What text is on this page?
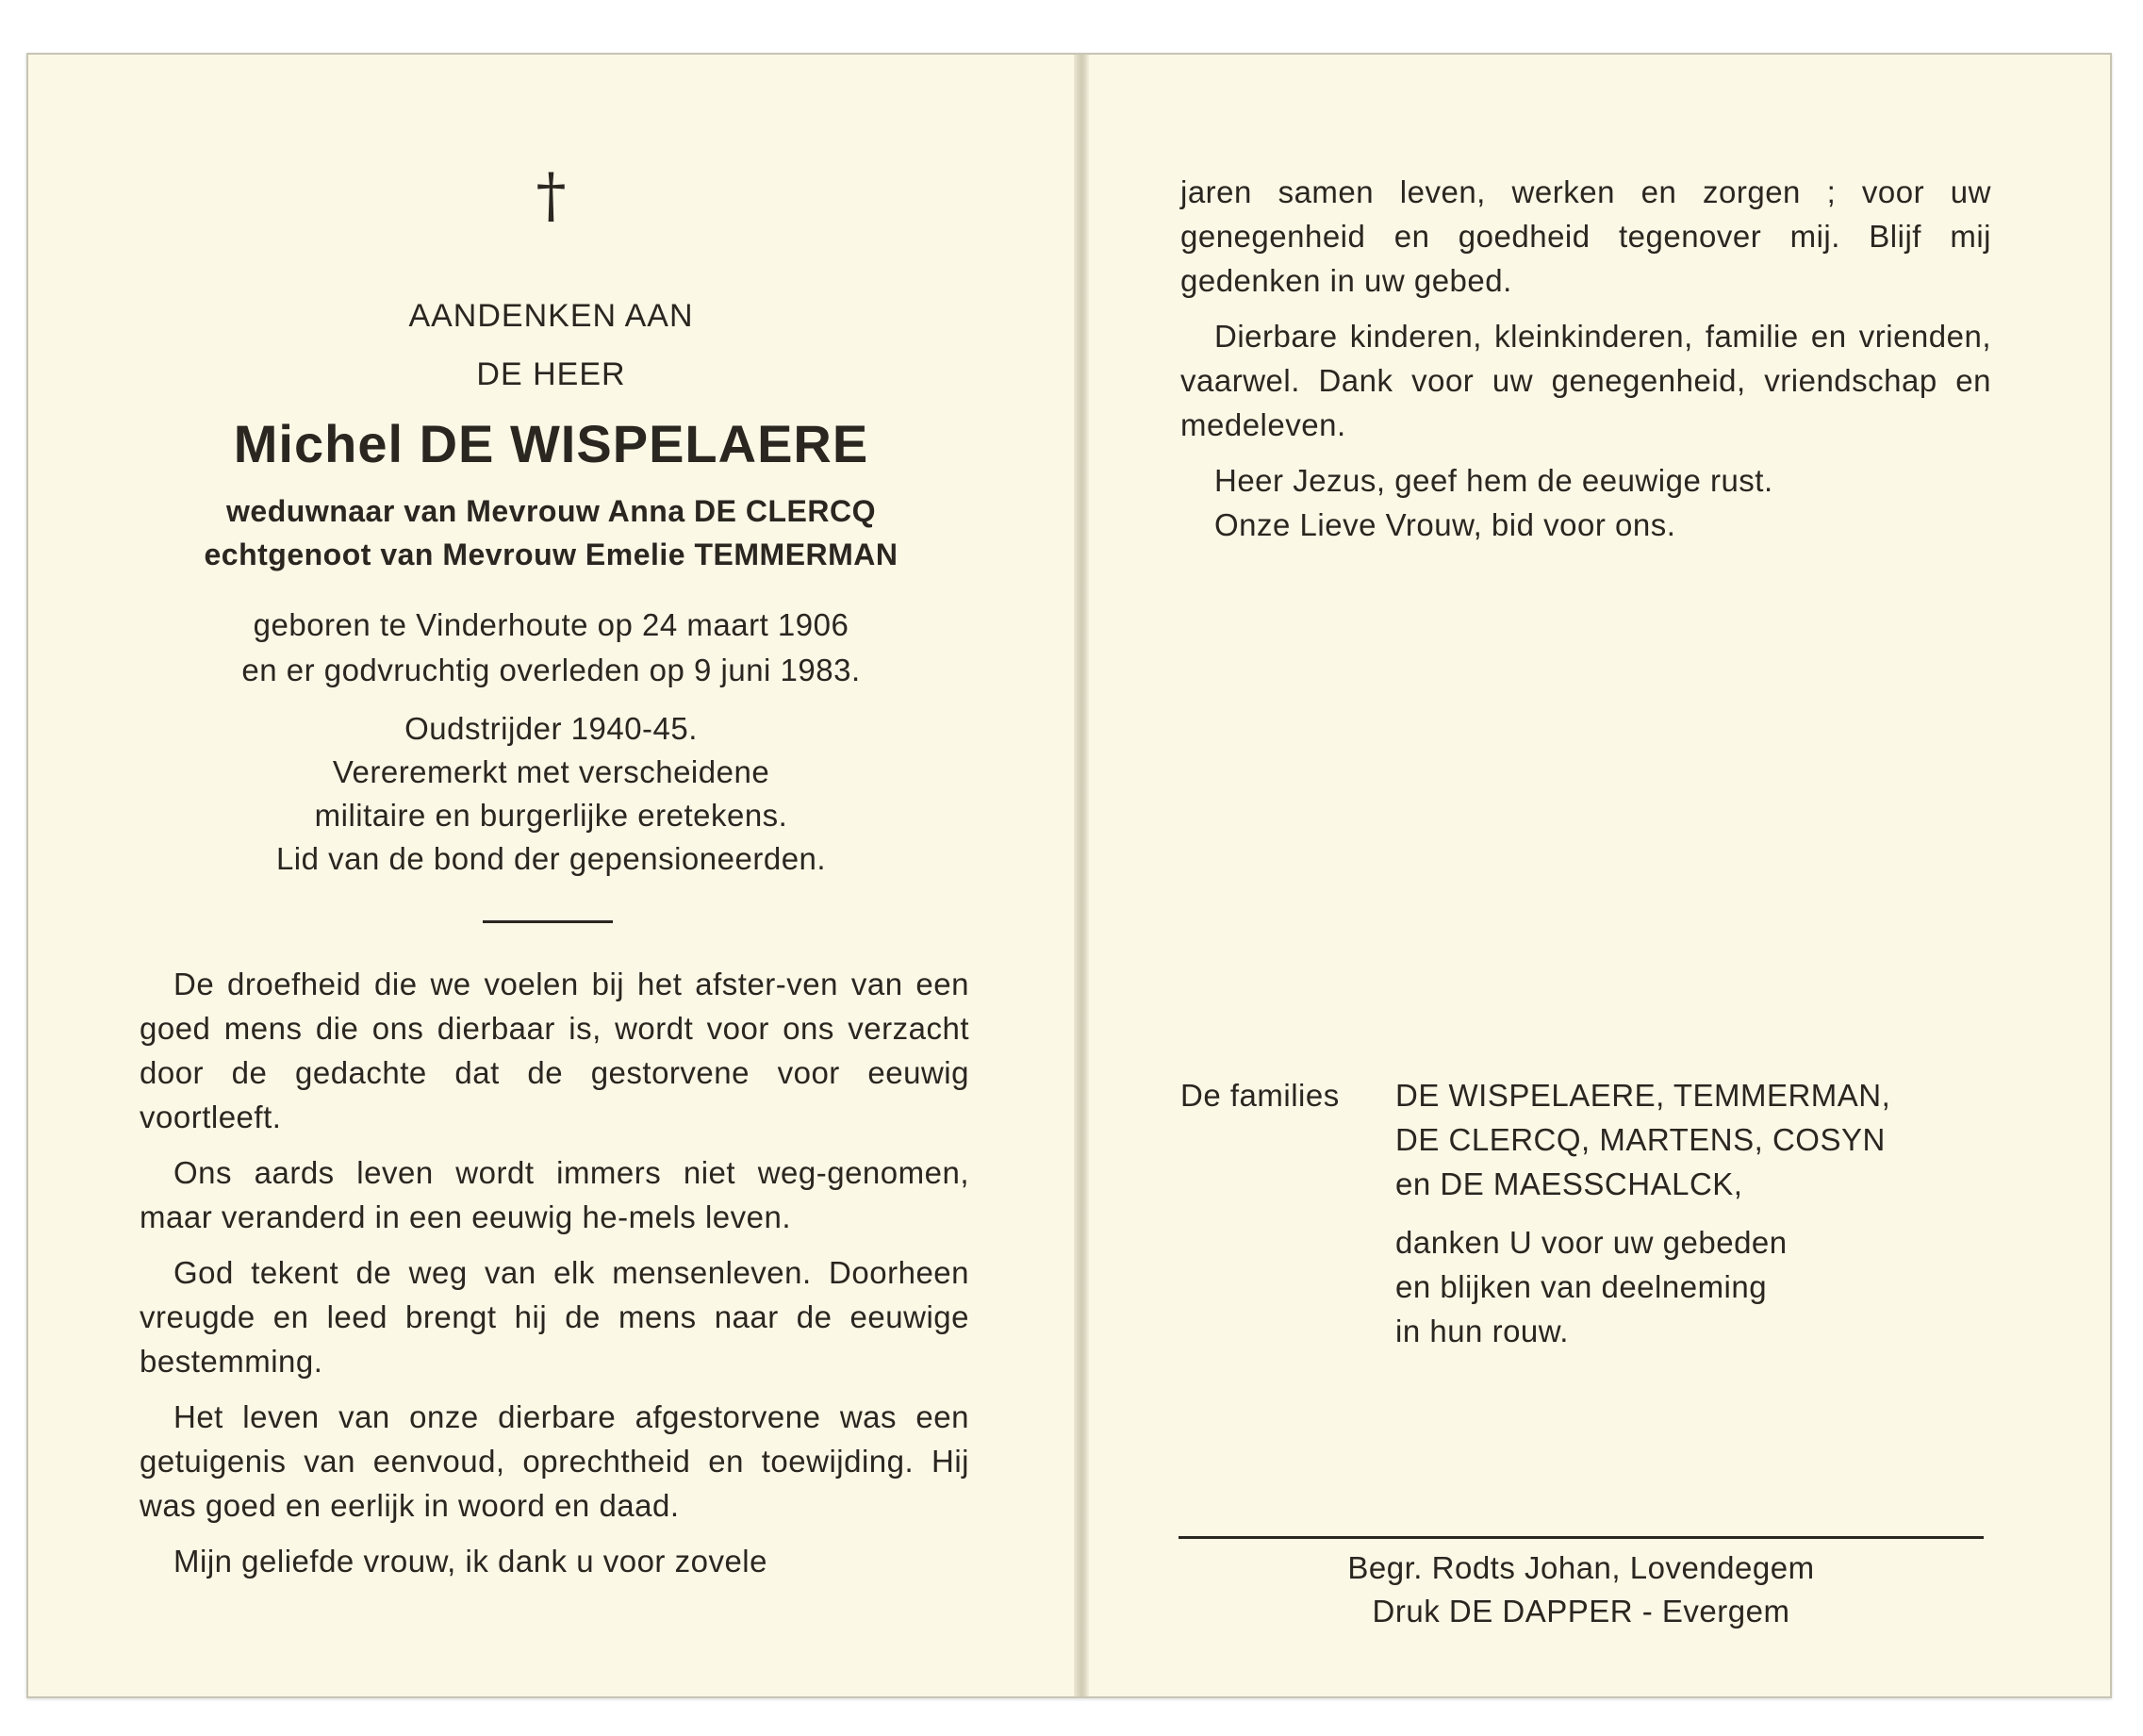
†
AANDENKEN AAN
DE HEER
Michel DE WISPELAERE
weduwnaar van Mevrouw Anna DE CLERCQ
echtgenoot van Mevrouw Emelie TEMMERMAN
geboren te Vinderhoute op 24 maart 1906
en er godvruchtig overleden op 9 juni 1983.
Oudstrijder 1940-45.
Vereremerkt met verscheidene
militaire en burgerlijke eretekens.
Lid van de bond der gepensioneerden.

De droefheid die we voelen bij het afster-ven van een goed mens die ons dierbaar is, wordt voor ons verzacht door de gedachte dat de gestorvene voor eeuwig voortleeft.

Ons aards leven wordt immers niet weg-genomen, maar veranderd in een eeuwig he-mels leven.

God tekent de weg van elk mensenleven. Doorheen vreugde en leed brengt hij de mens naar de eeuwige bestemming.

Het leven van onze dierbare afgestorvene was een getuigenis van eenvoud, oprechtheid en toewijding. Hij was goed en eerlijk in woord en daad.

Mijn geliefde vrouw, ik dank u voor zovele

jaren samen leven, werken en zorgen ; voor uw genegenheid en goedheid tegenover mij. Blijf mij gedenken in uw gebed.

Dierbare kinderen, kleinkinderen, familie en vrienden, vaarwel. Dank voor uw genegenheid, vriendschap en medeleven.

Heer Jezus, geef hem de eeuwige rust.

Onze Lieve Vrouw, bid voor ons.

De families DE WISPELAERE, TEMMERMAN,
DE CLERCQ, MARTENS, COSYN
en DE MAESSCHALCK,
danken U voor uw gebeden
en blijken van deelneming
in hun rouw.
Begr. Rodts Johan, Lovendegem
Druk DE DAPPER - Evergem
